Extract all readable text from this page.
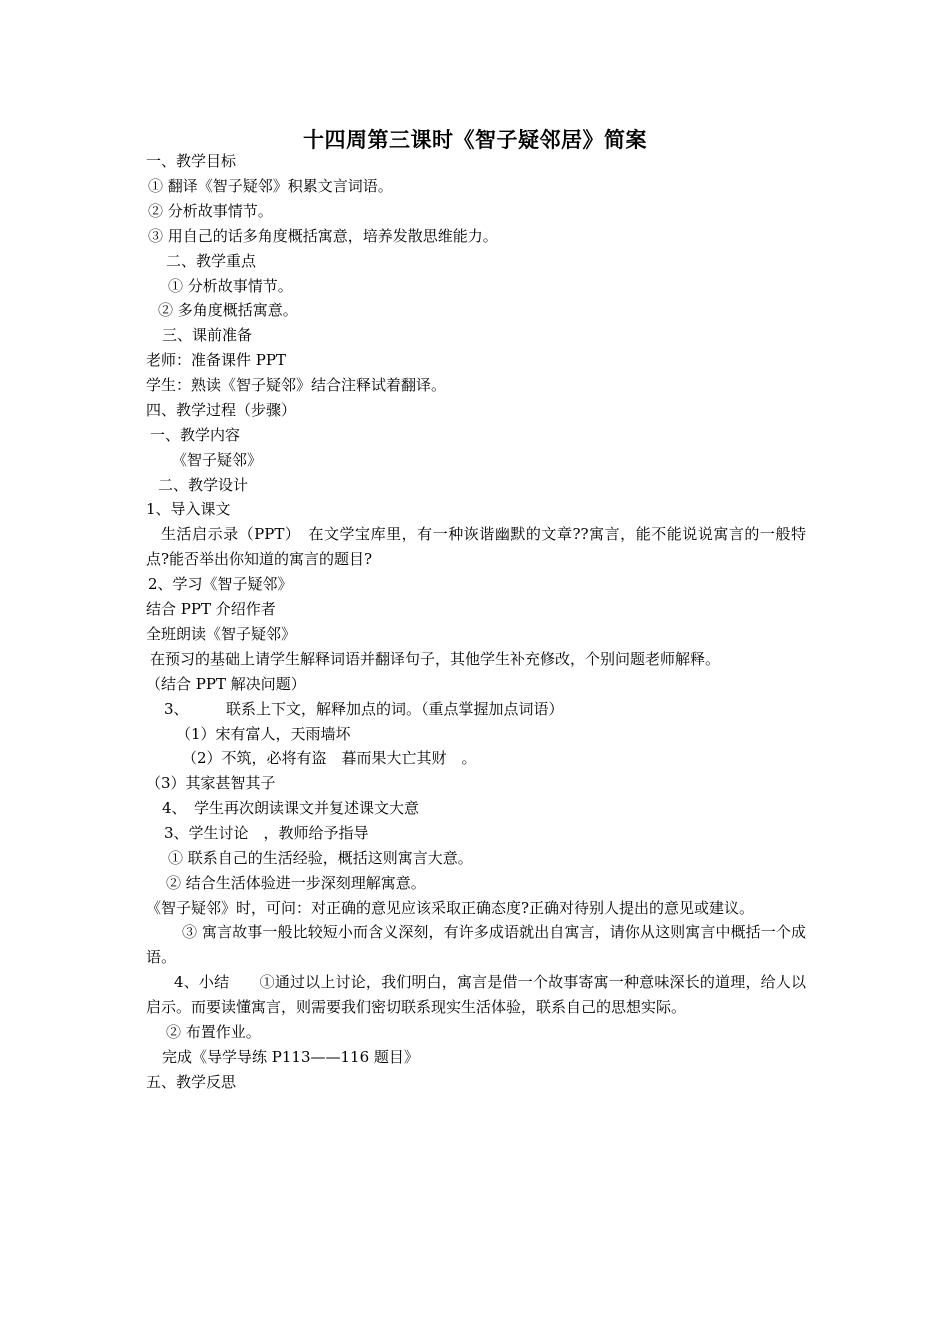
十四周第三课时《智子疑邻居》简案
一、教学目标
① 翻译《智子疑邻》积累文言词语。
② 分析故事情节。
③ 用自己的话多角度概括寓意，培养发散思维能力。
二、教学重点
① 分析故事情节。
② 多角度概括寓意。
三、课前准备
老师：准备课件 PPT
学生：熟读《智子疑邻》结合注释试着翻译。
四、教学过程（步骤）
一、教学内容
《智子疑邻》
二、教学设计
1、导入课文
生活启示录（PPT）　在文学宝库里，有一种诙谐幽默的文章??寓言，能不能说说寓言的一般特点?能否举出你知道的寓言的题目?
2、学习《智子疑邻》
结合 PPT 介绍作者
全班朗读《智子疑邻》
在预习的基础上请学生解释词语并翻译句子，其他学生补充修改，个别问题老师解释。
（结合 PPT 解决问题）
3、　　　联系上下文，解释加点的词。（重点掌握加点词语）
（1）宋有富人，天雨墙坏
（2）不筑，必将有盗　暮而果大亡其财　。
（3）其家甚智其子
4、　学生再次朗读课文并复述课文大意
3、学生讨论　，教师给予指导
① 联系自己的生活经验，概括这则寓言大意。
② 结合生活体验进一步深刻理解寓意。
《智子疑邻》时，可问：对正确的意见应该采取正确态度?正确对待别人提出的意见或建议。
③ 寓言故事一般比较短小而含义深刻，有许多成语就出自寓言，请你从这则寓言中概括一个成语。
4、小结　　①通过以上讨论，我们明白，寓言是借一个故事寄寓一种意味深长的道理，给人以启示。而要读懂寓言，则需要我们密切联系现实生活体验，联系自己的思想实际。
② 布置作业。
完成《导学导练 P113——116 题目》
五、教学反思
